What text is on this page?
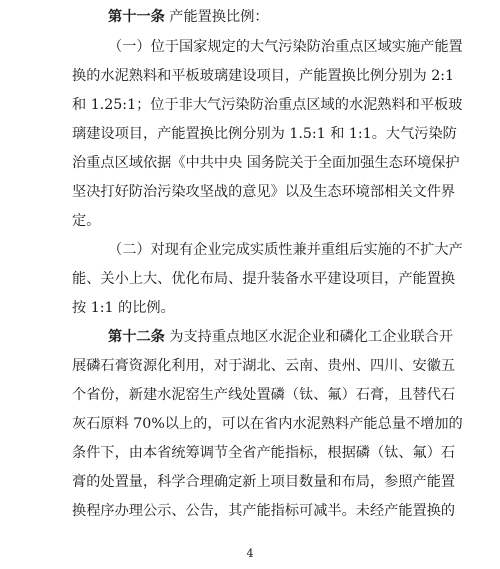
第十一条 产能置换比例：
（一）位于国家规定的大气污染防治重点区域实施产能置
换的水泥熟料和平板玻璃建设项目，产能置换比例分别为 2:1
和 1.25:1；位于非大气污染防治重点区域的水泥熟料和平板玻
璃建设项目，产能置换比例分别为 1.5:1 和 1:1。大气污染防
治重点区域依据《中共中央 国务院关于全面加强生态环境保护
坚决打好防治污染攻坚战的意见》以及生态环境部相关文件界
定。
（二）对现有企业完成实质性兼并重组后实施的不扩大产
能、关小上大、优化布局、提升装备水平建设项目，产能置换
按 1:1 的比例。
第十二条 为支持重点地区水泥企业和磷化工企业联合开
展磷石膏资源化利用，对于湖北、云南、贵州、四川、安徽五
个省份，新建水泥窑生产线处置磷（钛、氟）石膏，且替代石
灰石原料 70%以上的，可以在省内水泥熟料产能总量不增加的
条件下，由本省统筹调节全省产能指标，根据磷（钛、氟）石
膏的处置量，科学合理确定新上项目数量和布局，参照产能置
换程序办理公示、公告，其产能指标可减半。未经产能置换的
4
